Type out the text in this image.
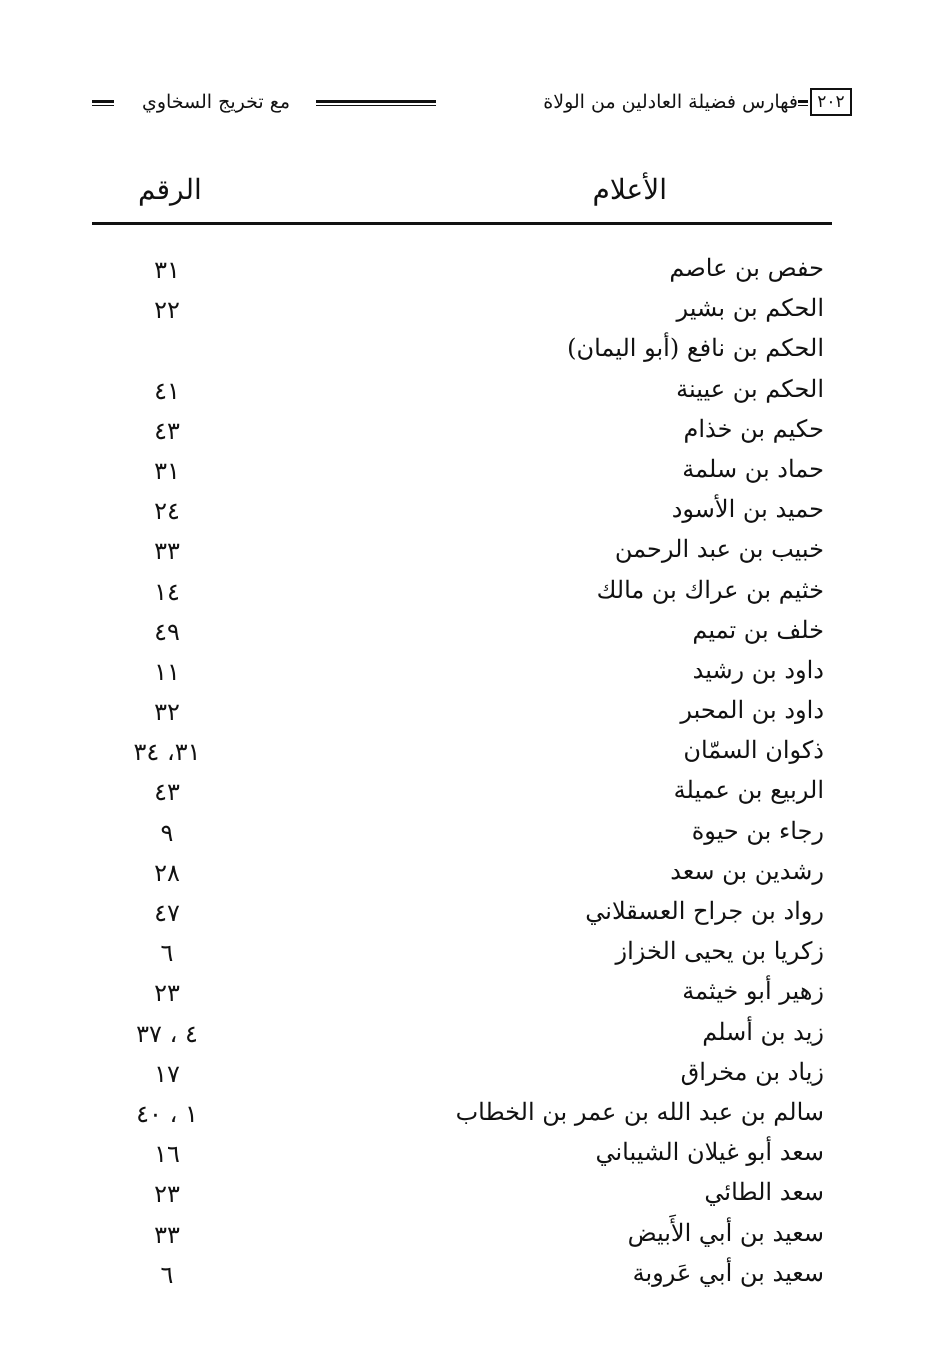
مع تخريج السخاوي	فهارس فضيلة العادلين من الولاة	٢٠٢
الأعلام
الرقم
حفص بن عاصم
٣١
الحكم بن بشير
٢٢
الحكم بن نافع (أبو اليمان)
الحكم بن عيينة
٤١
حكيم بن خذام
٤٣
حماد بن سلمة
٣١
حميد بن الأسود
٢٤
خبيب بن عبد الرحمن
٣٣
خثيم بن عراك بن مالك
١٤
خلف بن تميم
٤٩
داود بن رشيد
١١
داود بن المحبر
٣٢
ذكوان السمّان
٣١، ٣٤
الربيع بن عميلة
٤٣
رجاء بن حيوة
٩
رشدين بن سعد
٢٨
رواد بن جراح العسقلاني
٤٧
زكريا بن يحيى الخزاز
٦
زهير أبو خيثمة
٢٣
زيد بن أسلم
٤ ، ٣٧
زياد بن مخراق
١٧
سالم بن عبد الله بن عمر بن الخطاب
١ ، ٤٠
سعد أبو غيلان الشيباني
١٦
سعد الطائي
٢٣
سعيد بن أبي الأَبيض
٣٣
سعيد بن أبي عَروبة
٦
